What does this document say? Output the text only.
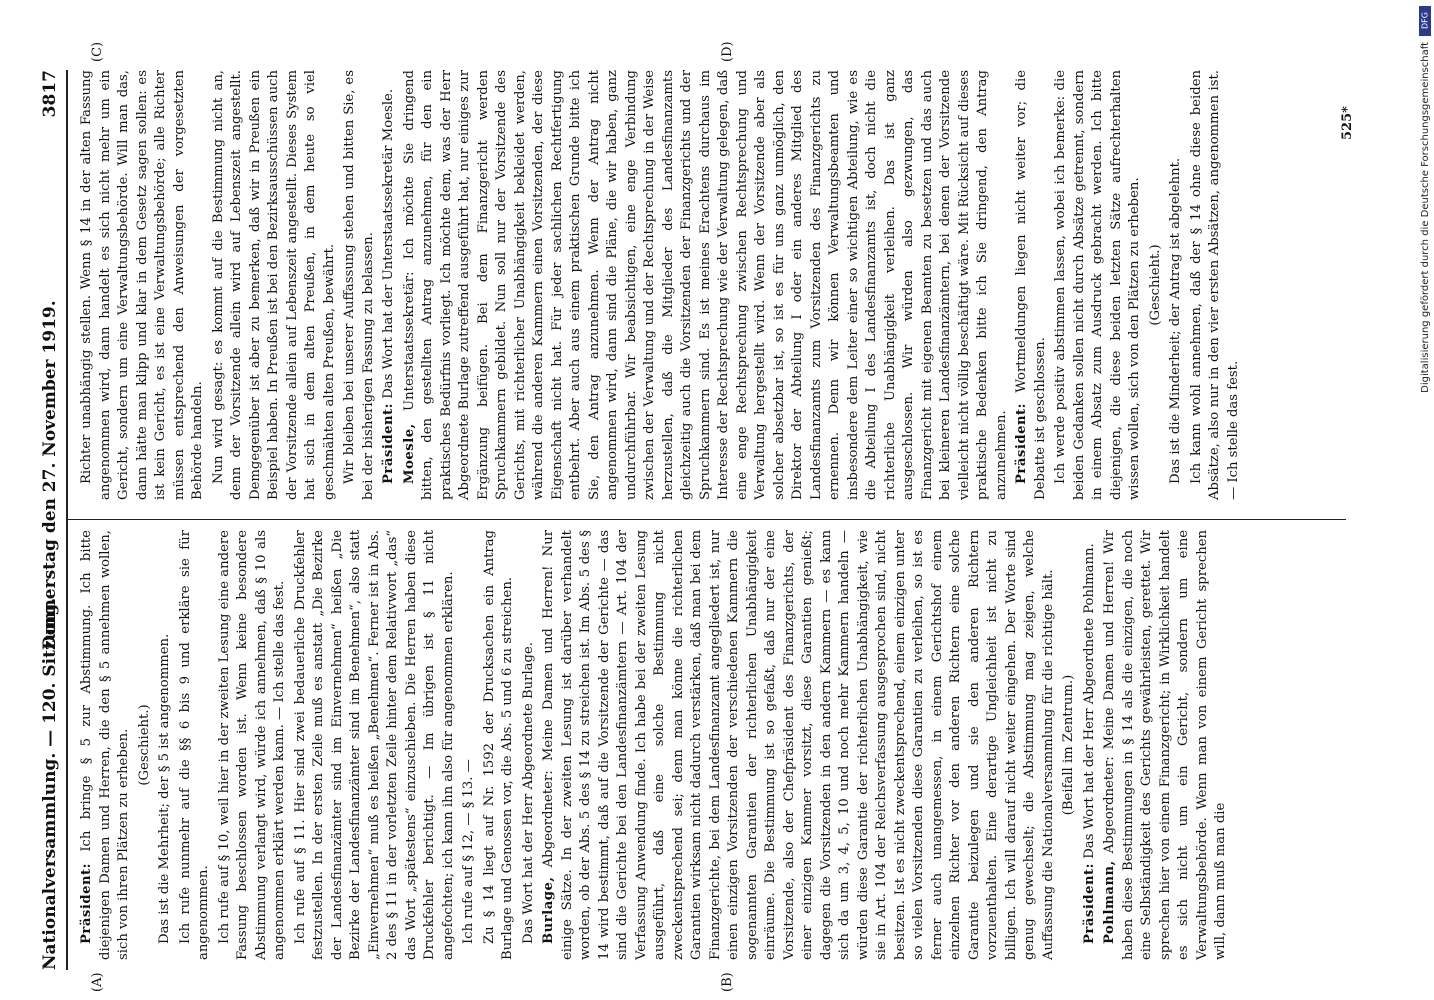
Nationalversammlung. — 120. Sitzung.
Donnerstag den 27. November 1919.
3817
(A)	(B)
(C)	(D)

Präsident: Ich bringe § 5 zur Abstimmung. Ich bitte diejenigen Damen und Herren, die den § 5 annehmen wollen, sich von ihren Plätzen zu erheben. (Geschieht.) Das ist die Mehrheit; der § 5 ist angenommen. Ich rufe nunmehr auf die §§ 6 bis 9 und erkläre sie für angenommen. Ich rufe auf § 10, weil hier in der zweiten Lesung eine andere Fassung beschlossen worden ist. Wenn keine besondere Abstimmung verlangt wird, würde ich annehmen, daß § 10 als angenommen erklärt werden kann. — Ich stelle das fest. Ich rufe auf § 11. Hier sind zwei bedauerliche Druckfehler festzustellen. In der ersten Zeile muß es anstatt „Die Bezirke der Landesfinanzämter sind im Einvernehmen“ heißen „Die Bezirke der Landesfinanzämter sind im Benehmen“, also statt „Einvernehmen“ muß es heißen „Benehmen“. Ferner ist in Abs. 2 des § 11 in der vorletzten Zeile hinter dem Relativwort „das“ das Wort „spätestens“ einzuschieben. Die Herren haben diese Druckfehler berichtigt. — Im übrigen ist § 11 nicht angefochten; ich kann ihn also für angenommen erklären. Ich rufe auf § 12, — § 13. — Zu § 14 liegt auf Nr. 1592 der Drucksachen ein Antrag Burlage und Genossen vor, die Abs. 5 und 6 zu streichen. Das Wort hat der Herr Abgeordnete Burlage. Burlage, Abgeordneter: Meine Damen und Herren! Nur einige Sätze. In der zweiten Lesung ist darüber verhandelt worden, ob der Abs. 5 des § 14 zu streichen ist. Im Abs. 5 des § 14 wird bestimmt, daß auf die Vorsitzende der Gerichte — das sind die Gerichte bei den Landesfinanzämtern — Art. 104 der Verfassung Anwendung finde. Ich habe bei der zweiten Lesung ausgeführt, daß eine solche Bestimmung nicht zweckentsprechend sei; denn man könne die richterlichen Garantien wirksam nicht dadurch verstärken, daß man bei dem Finanzgerichte, bei dem Landesfinanzamt angegliedert ist, nur einen einzigen Vorsitzenden der verschiedenen Kammern die sogenannten Garantien der richterlichen Unabhängigkeit einräume. Die Bestimmung ist so gefaßt, daß nur der eine Vorsitzende, also der Chefpräsident des Finanzgerichts, der einer einzigen Kammer vorsitzt, diese Garantien genießt; dagegen die Vorsitzenden in den andern Kammern — es kann sich da um 3, 4, 5, 10 und noch mehr Kammern handeln — würden diese Garantie der richterlichen Unabhängigkeit, wie sie in Art. 104 der Reichsverfassung ausgesprochen sind, nicht besitzen. Ist es nicht zweckentsprechend, einem einzigen unter so vielen Vorsitzenden diese Garantien zu verleihen, so ist es ferner auch unangemessen, in einem Gerichtshof einem einzelnen Richter vor den anderen Richtern eine solche Garantie beizulegen und sie den anderen Richtern vorzuenthalten. Eine derartige Ungleichheit ist nicht zu billigen. Ich will darauf nicht weiter eingehen. Der Worte sind genug gewechselt; die Abstimmung mag zeigen, welche Auffassung die Nationalversammlung für die richtige hält. (Beifall im Zentrum.)

Präsident: Das Wort hat der Herr Abgeordnete Pohlmann.

Pohlmann, Abgeordneter: Meine Damen und Herren! Wir haben diese Bestimmungen in § 14 als die einzigen, die noch eine Selbständigkeit des Gerichts gewährleisten, gerettet. Wir sprechen hier von einem Finanzgericht; in Wirklichkeit handelt es sich nicht um ein Gericht, sondern um eine Verwaltungsbehörde. Wenn man von einem Gericht sprechen will, dann muß man die

Richter unabhängig stellen. Wenn § 14 in der alten Fassung angenommen wird, dann handelt es sich nicht mehr um ein Gericht, sondern um eine Verwaltungsbehörde. Will man das, dann hätte man klipp und klar in dem Gesetz sagen sollen: es ist kein Gericht, es ist eine Verwaltungsbehörde; alle Richter müssen entsprechend den Anweisungen der vorgesetzten Behörde handeln. Nun wird gesagt: es kommt auf die Bestimmung nicht an, denn der Vorsitzende allein wird auf Lebenszeit angestellt. Demgegenüber ist aber zu bemerken, daß wir in Preußen ein Beispiel haben. In Preußen ist bei den Bezirksausschüssen auch der Vorsitzende allein auf Lebenszeit angestellt. Dieses System hat sich in dem alten Preußen, in dem heute so viel geschmähten alten Preußen, bewährt. Wir bleiben bei unserer Auffassung stehen und bitten Sie, es bei der bisherigen Fassung zu belassen. Präsident: Das Wort hat der Unterstaatssekretär Moesle.

Moesle, Unterstaatssekretär: Ich möchte Sie dringend bitten, den gestellten Antrag anzunehmen, für den ein praktisches Bedürfnis vorliegt. Ich möchte dem, was der Herr Abgeordnete Burlage zutreffend ausgeführt hat, nur einiges zur Ergänzung beifügen. Bei dem Finanzgericht werden Spruchkammern gebildet. Nun soll nur der Vorsitzende des Gerichts, mit richterlicher Unabhängigkeit bekleidet werden, während die anderen Kammern einen Vorsitzenden, der diese Eigenschaft nicht hat. Für jeder sachlichen Rechtfertigung entbehrt. Aber auch aus einem praktischen Grunde bitte ich Sie, den Antrag anzunehmen. Wenn der Antrag nicht angenommen wird, dann sind die Pläne, die wir haben, ganz undurchführbar. Wir beabsichtigen, eine enge Verbindung zwischen der Verwaltung und der Rechtsprechung in der Weise herzustellen, daß die Mitglieder des Landesfinanzamts gleichzeitig auch die Vorsitzenden der Finanzgerichts und der Spruchkammern sind. Es ist meines Erachtens durchaus im Interesse der Rechtsprechung wie der Verwaltung gelegen, daß eine enge Rechtsprechung zwischen Rechtsprechung und Verwaltung hergestellt wird. Wenn der Vorsitzende aber als solcher absetzbar ist, so ist es für uns ganz unmöglich, den Direktor der Abteilung I oder ein anderes Mitglied des Landesfinanzamts zum Vorsitzenden des Finanzgerichts zu ernennen. Denn wir können Verwaltungsbeamten und insbesondere dem Leiter einer so wichtigen Abteilung, wie es die Abteilung I des Landesfinanzamts ist, doch nicht die richterliche Unabhängigkeit verleihen. Das ist ganz ausgeschlossen. Wir würden also gezwungen, das Finanzgericht mit eigenen Beamten zu besetzen und das auch bei kleineren Landesfinanzämtern, bei denen der Vorsitzende vielleicht nicht völlig beschäftigt wäre. Mit Rücksicht auf dieses praktische Bedenken bitte ich Sie dringend, den Antrag anzunehmen. Präsident: Wortmeldungen liegen nicht weiter vor; die Debatte ist geschlossen. Ich werde positiv abstimmen lassen, wobei ich bemerke: die beiden Gedanken sollen nicht durch Absätze getrennt, sondern in einem Absatz zum Ausdruck gebracht werden. Ich bitte diejenigen, die diese beiden letzten Sätze aufrechterhalten wissen wollen, sich von den Plätzen zu erheben. (Geschieht.) Das ist die Minderheit; der Antrag ist abgelehnt. Ich kann wohl annehmen, daß der § 14 ohne diese beiden Absätze, also nur in den vier ersten Absätzen, angenommen ist. — Ich stelle das fest.

525*
DFG
Digitalisierung gefördert durch die Deutsche Forschungsgemeinschaft
